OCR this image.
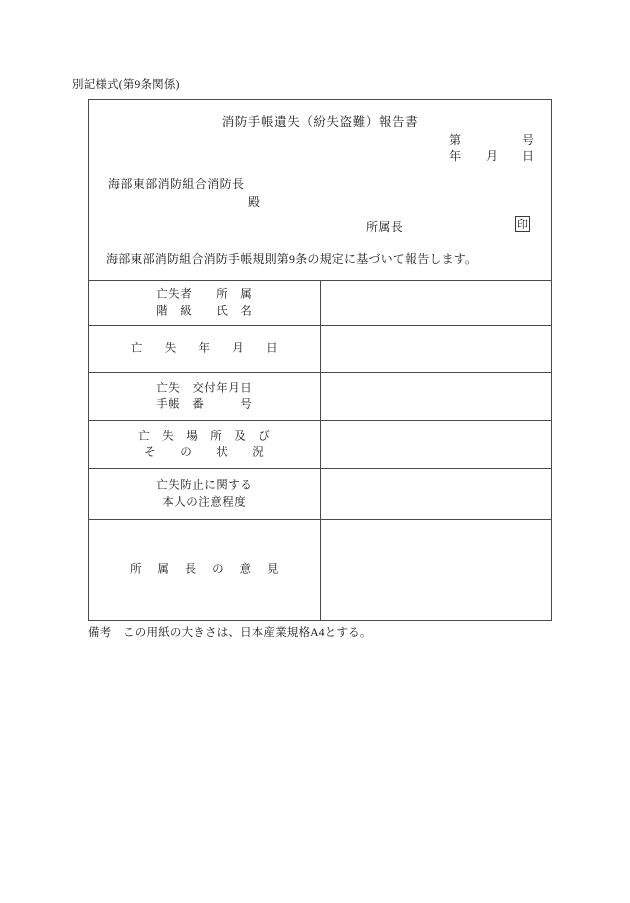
別記様式(第9条関係)
消防手帳遺失（紛失盗難）報告書
第	号
年 月 日
海部東部消防組合消防長
殿
所属長	印
海部東部消防組合消防手帳規則第9条の規定に基づいて報告します。

亡失者　　所　属
階　級　　氏　名	

亡　失　年　月　日	

亡失　交付年月日
手帳　番　　　号	

亡　失　場　所　及　び
そ　　の　　状　　況	

亡失防止に関する
本人の注意程度	

所　属　長　の　意　見	

備考　この用紙の大きさは、日本産業規格A4とする。
